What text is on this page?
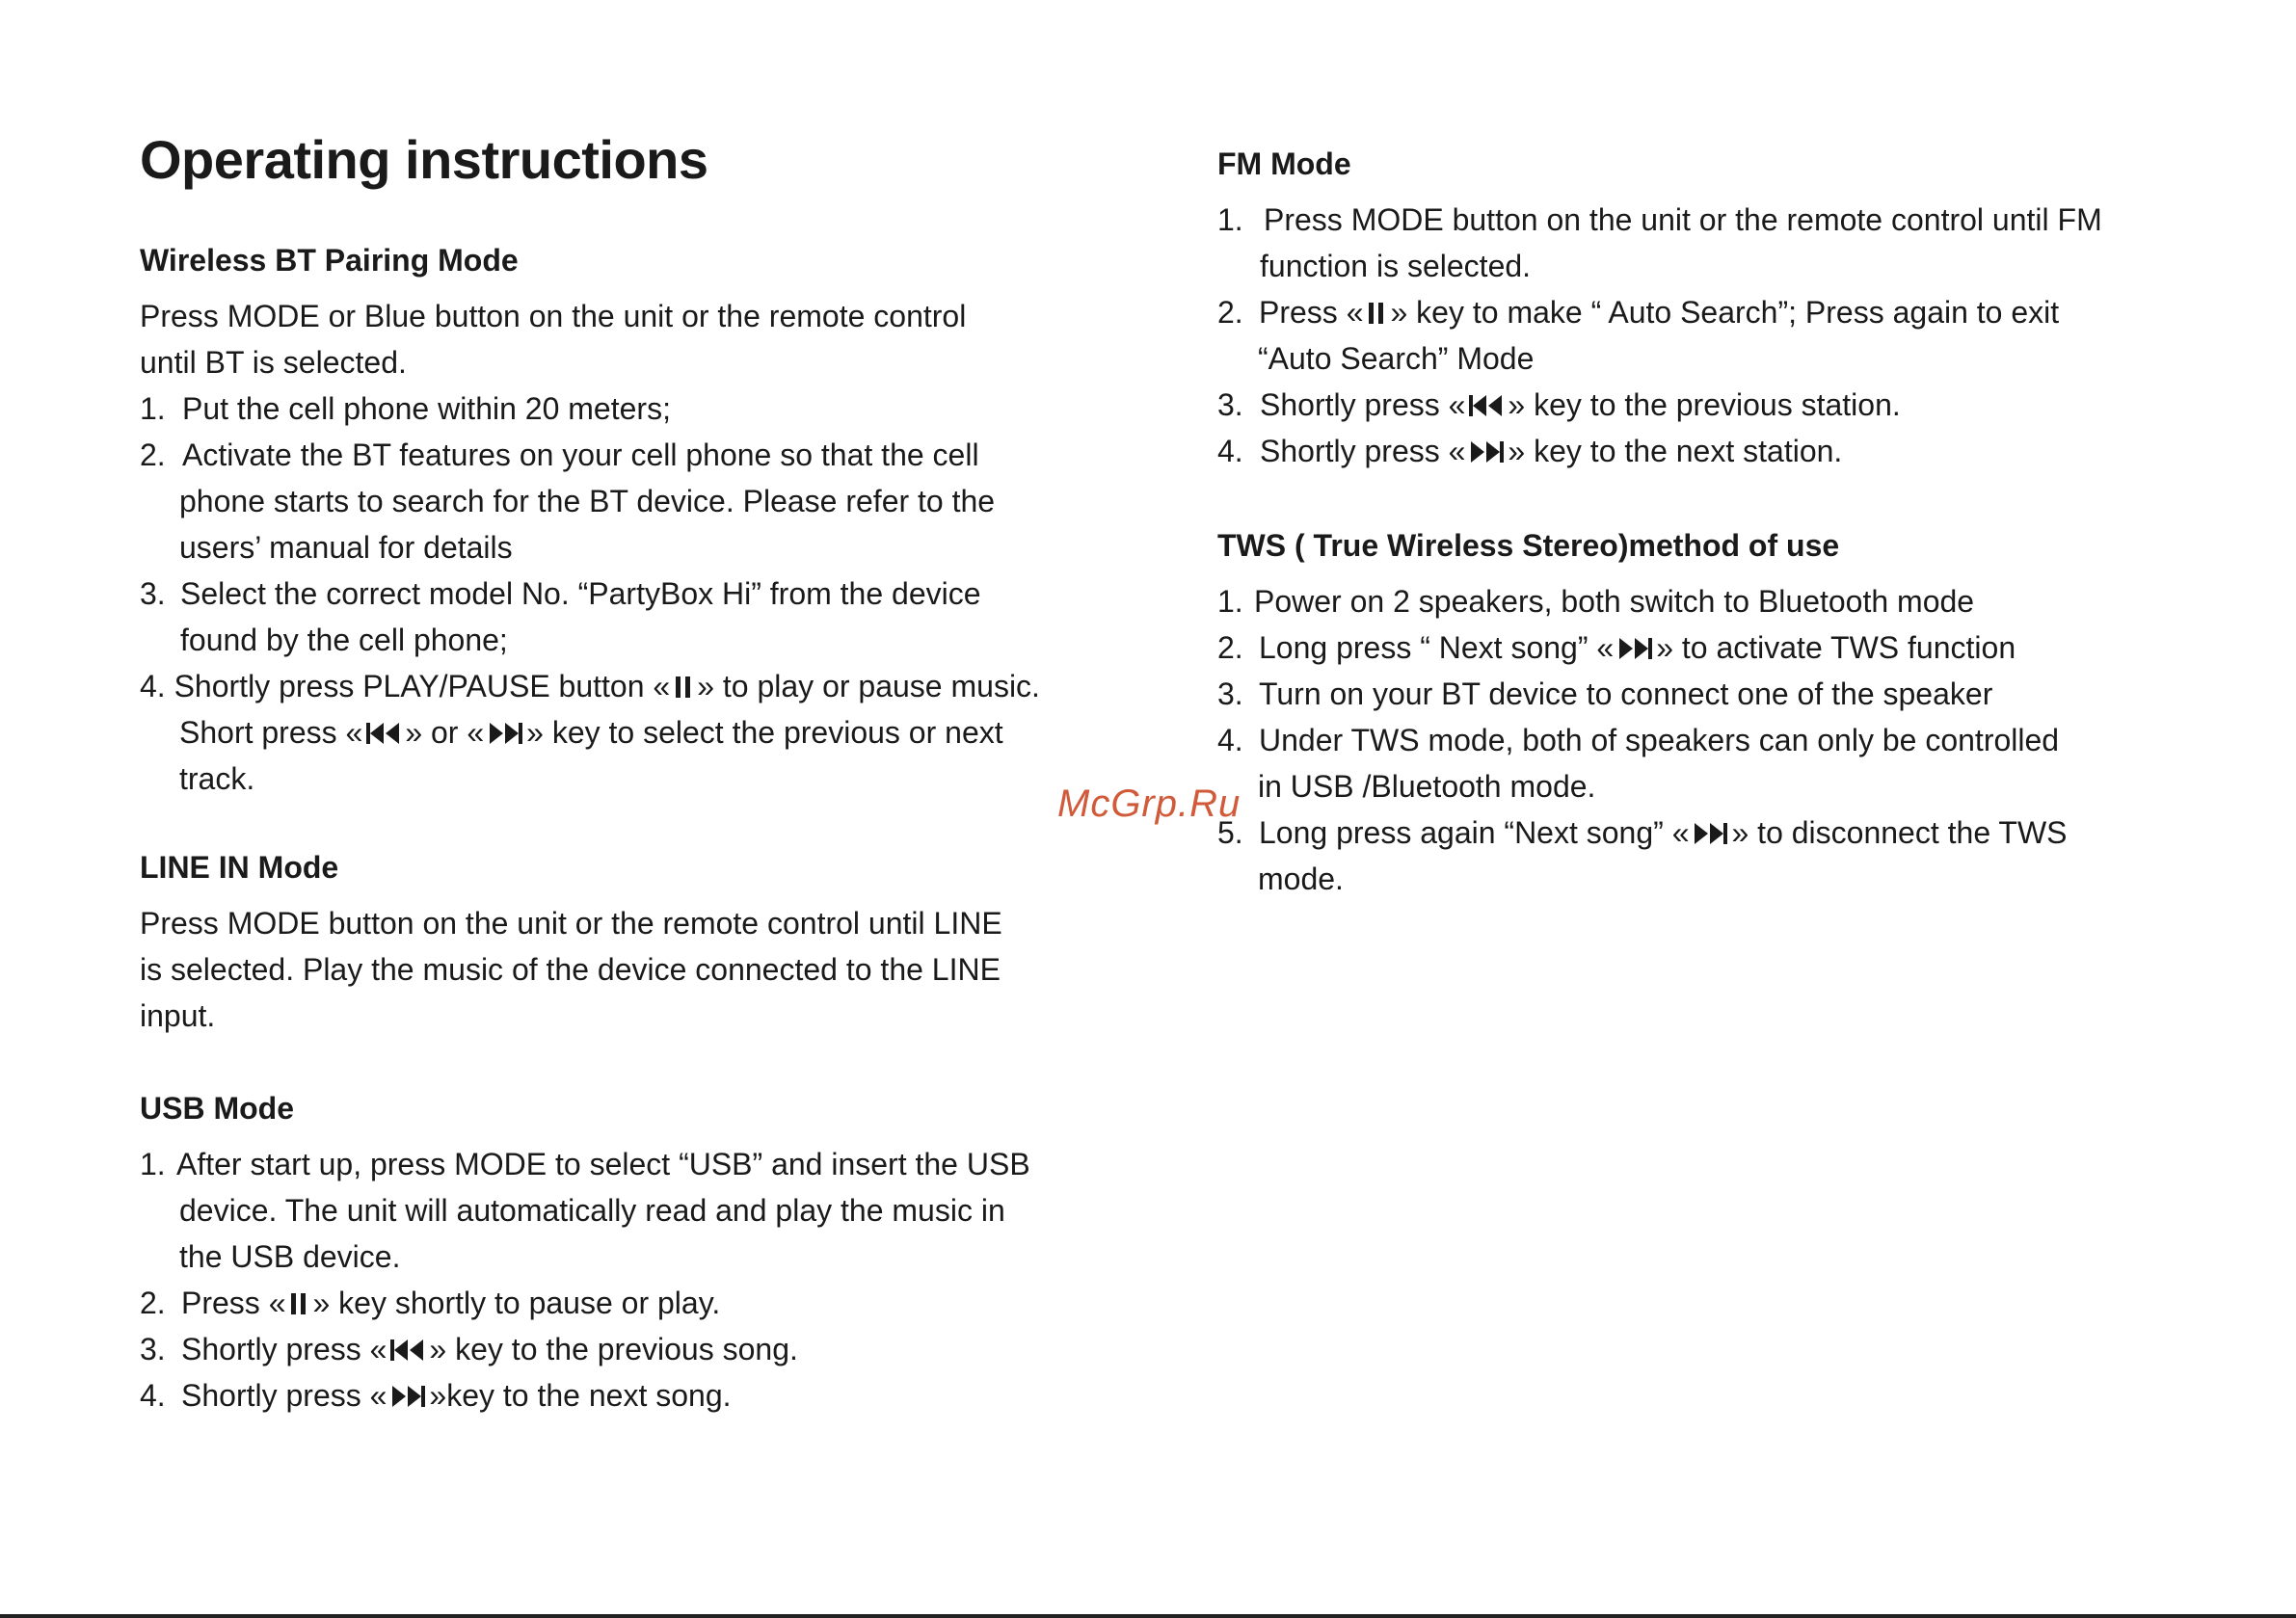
Operating instructions
Wireless BT Pairing Mode
Press MODE or Blue button on the unit or the remote control
until BT is selected.
1. Put the cell phone within 20 meters;
2. Activate the BT features on your cell phone so that the cell
phone starts to search for the BT device. Please refer to the
users’ manual for details
3. Select the correct model No. “PartyBox Hi” from the device
found by the cell phone;
4. Shortly press PLAY/PAUSE button « » to play or pause music.
Short press « » or « » key to select the previous or next
track.
LINE IN Mode
Press MODE button on the unit or the remote control until LINE
is selected. Play the music of the device connected to the LINE
input.
USB Mode
1. After start up, press MODE to select “USB” and insert the USB
device. The unit will automatically read and play the music in
the USB device.
2. Press « » key shortly to pause or play.
3. Shortly press « » key to the previous song.
4. Shortly press « »key to the next song.
FM Mode
1. Press MODE button on the unit or the remote control until FM
function is selected.
2. Press « » key to make “ Auto Search”; Press again to exit
“Auto Search” Mode
3. Shortly press « » key to the previous station.
4. Shortly press « » key to the next station.
TWS ( True Wireless Stereo)method of use
1. Power on 2 speakers, both switch to Bluetooth mode
2. Long press “ Next song” « » to activate TWS function
3. Turn on your BT device to connect one of the speaker
4. Under TWS mode, both of speakers can only be controlled
in USB /Bluetooth mode.
5. Long press again “Next song” « » to disconnect the TWS
mode.
McGrp.Ru
